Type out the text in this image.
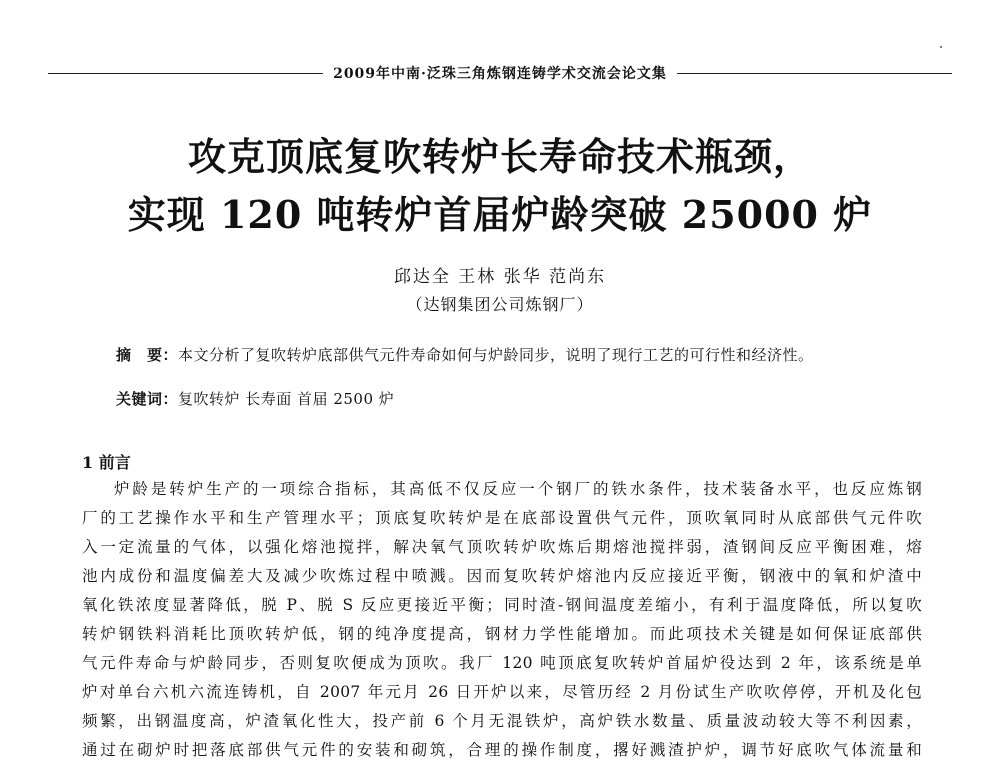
2009年中南·泛珠三角炼钢连铸学术交流会论文集
攻克顶底复吹转炉长寿命技术瓶颈，
实现 120 吨转炉首届炉龄突破 25000 炉
邱达全 王林 张华 范尚东
（达钢集团公司炼钢厂）
摘　要：本文分析了复吹转炉底部供气元件寿命如何与炉龄同步，说明了现行工艺的可行性和经济性。
关键词：复吹转炉 长寿面 首届 2500 炉
1 前言
炉龄是转炉生产的一项综合指标，其高低不仅反应一个钢厂的铁水条件，技术装备水平，也反应炼钢
厂的工艺操作水平和生产管理水平；顶底复吹转炉是在底部设置供气元件，顶吹氧同时从底部供气元件吹
入一定流量的气体，以强化熔池搅拌，解决氧气顶吹转炉吹炼后期熔池搅拌弱，渣钢间反应平衡困难，熔
池内成份和温度偏差大及减少吹炼过程中喷溅。因而复吹转炉熔池内反应接近平衡，钢液中的氧和炉渣中
氧化铁浓度显著降低，脱 P、脱 S 反应更接近平衡；同时渣-钢间温度差缩小，有利于温度降低，所以复吹
转炉钢铁料消耗比顶吹转炉低，钢的纯净度提高，钢材力学性能增加。而此项技术关键是如何保证底部供
气元件寿命与炉龄同步，否则复吹便成为顶吹。我厂 120 吨顶底复吹转炉首届炉役达到 2 年，该系统是单
炉对单台六机六流连铸机，自 2007 年元月 26 日开炉以来，尽管历经 2 月份试生产吹吹停停，开机及化包
频繁，出钢温度高，炉渣氧化性大，投产前 6 个月无混铁炉，高炉铁水数量、质量波动较大等不利因素，
通过在砌炉时把落底部供气元件的安装和砌筑，合理的操作制度，撂好溅渣护炉，调节好底吹气体流量和
